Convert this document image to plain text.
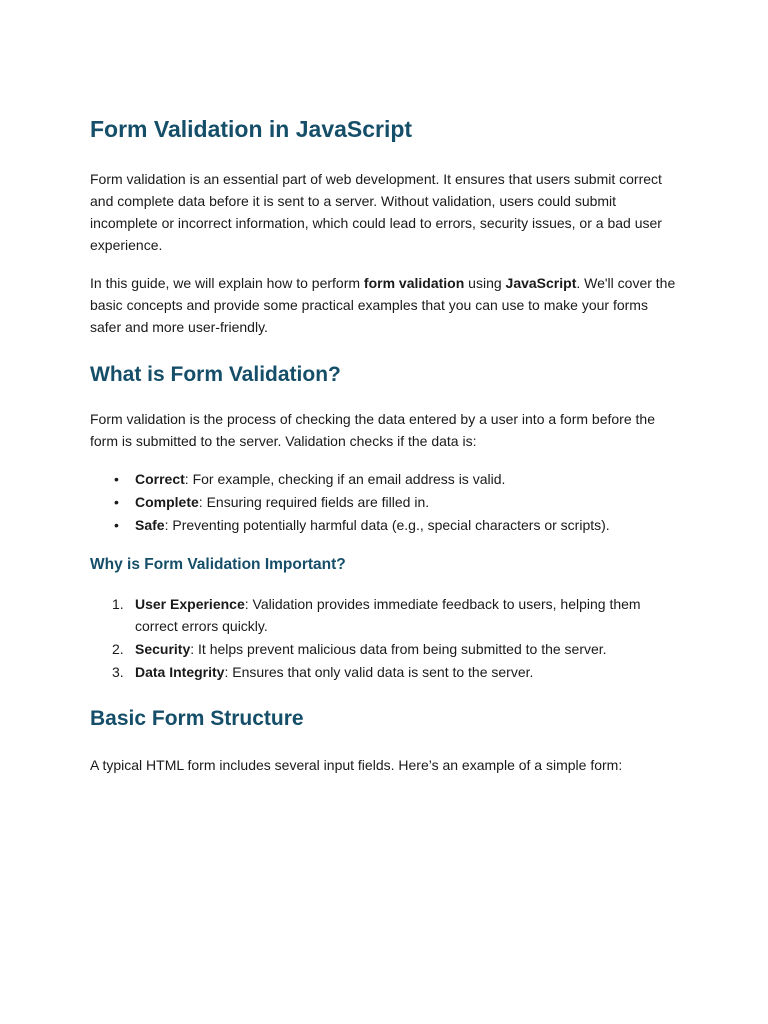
Form Validation in JavaScript

Form validation is an essential part of web development. It ensures that users submit correct and complete data before it is sent to a server. Without validation, users could submit incomplete or incorrect information, which could lead to errors, security issues, or a bad user experience.

In this guide, we will explain how to perform form validation using JavaScript. We'll cover the basic concepts and provide some practical examples that you can use to make your forms safer and more user-friendly.

What is Form Validation?

Form validation is the process of checking the data entered by a user into a form before the form is submitted to the server. Validation checks if the data is:

• Correct: For example, checking if an email address is valid.
• Complete: Ensuring required fields are filled in.
• Safe: Preventing potentially harmful data (e.g., special characters or scripts).
Why is Form Validation Important?
1. User Experience: Validation provides immediate feedback to users, helping them correct errors quickly.
2. Security: It helps prevent malicious data from being submitted to the server.
3. Data Integrity: Ensures that only valid data is sent to the server.
Basic Form Structure

A typical HTML form includes several input fields. Here’s an example of a simple form:
